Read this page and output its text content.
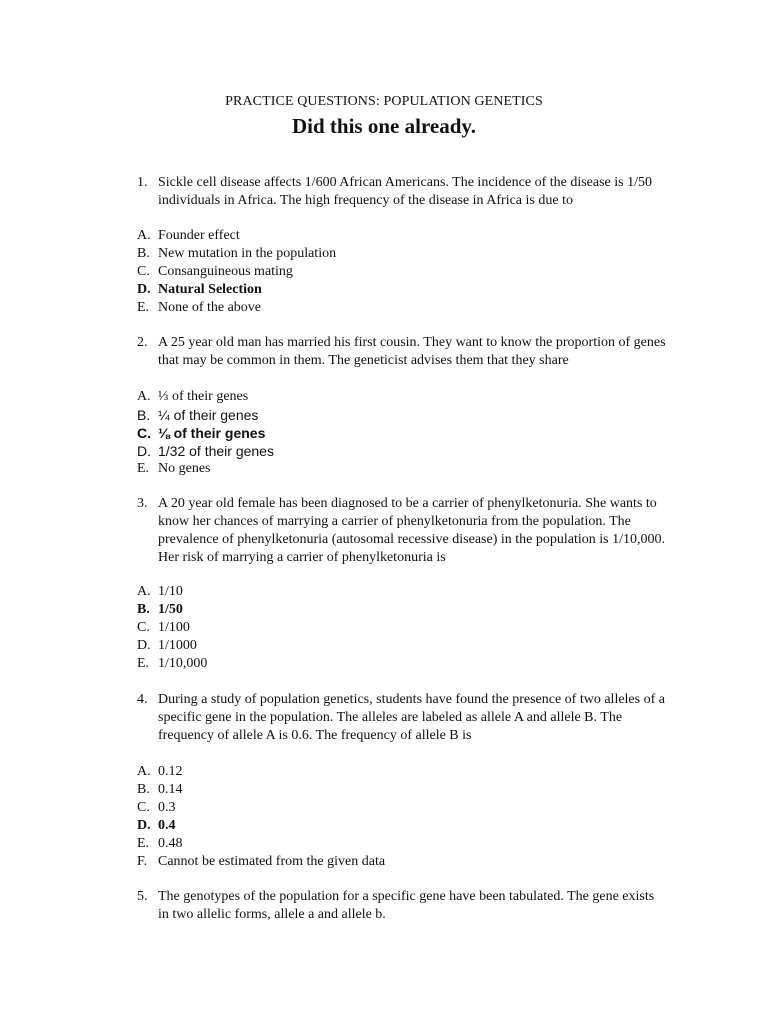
PRACTICE QUESTIONS: POPULATION GENETICS
Did this one already.
1. Sickle cell disease affects 1/600 African Americans. The incidence of the disease is 1/50 individuals in Africa. The high frequency of the disease in Africa is due to
A. Founder effect
B. New mutation in the population
C. Consanguineous mating
D. Natural Selection
E. None of the above
2. A 25 year old man has married his first cousin. They want to know the proportion of genes that may be common in them. The geneticist advises them that they share
A. ⅓ of their genes
B. ¼ of their genes
C. ⅛ of their genes
D. 1/32 of their genes
E. No genes
3. A 20 year old female has been diagnosed to be a carrier of phenylketonuria. She wants to know her chances of marrying a carrier of phenylketonuria from the population. The prevalence of phenylketonuria (autosomal recessive disease) in the population is 1/10,000. Her risk of marrying a carrier of phenylketonuria is
A. 1/10
B. 1/50
C. 1/100
D. 1/1000
E. 1/10,000
4. During a study of population genetics, students have found the presence of two alleles of a specific gene in the population. The alleles are labeled as allele A and allele B. The frequency of allele A is 0.6. The frequency of allele B is
A. 0.12
B. 0.14
C. 0.3
D. 0.4
E. 0.48
F. Cannot be estimated from the given data
5. The genotypes of the population for a specific gene have been tabulated. The gene exists in two allelic forms, allele a and allele b.
